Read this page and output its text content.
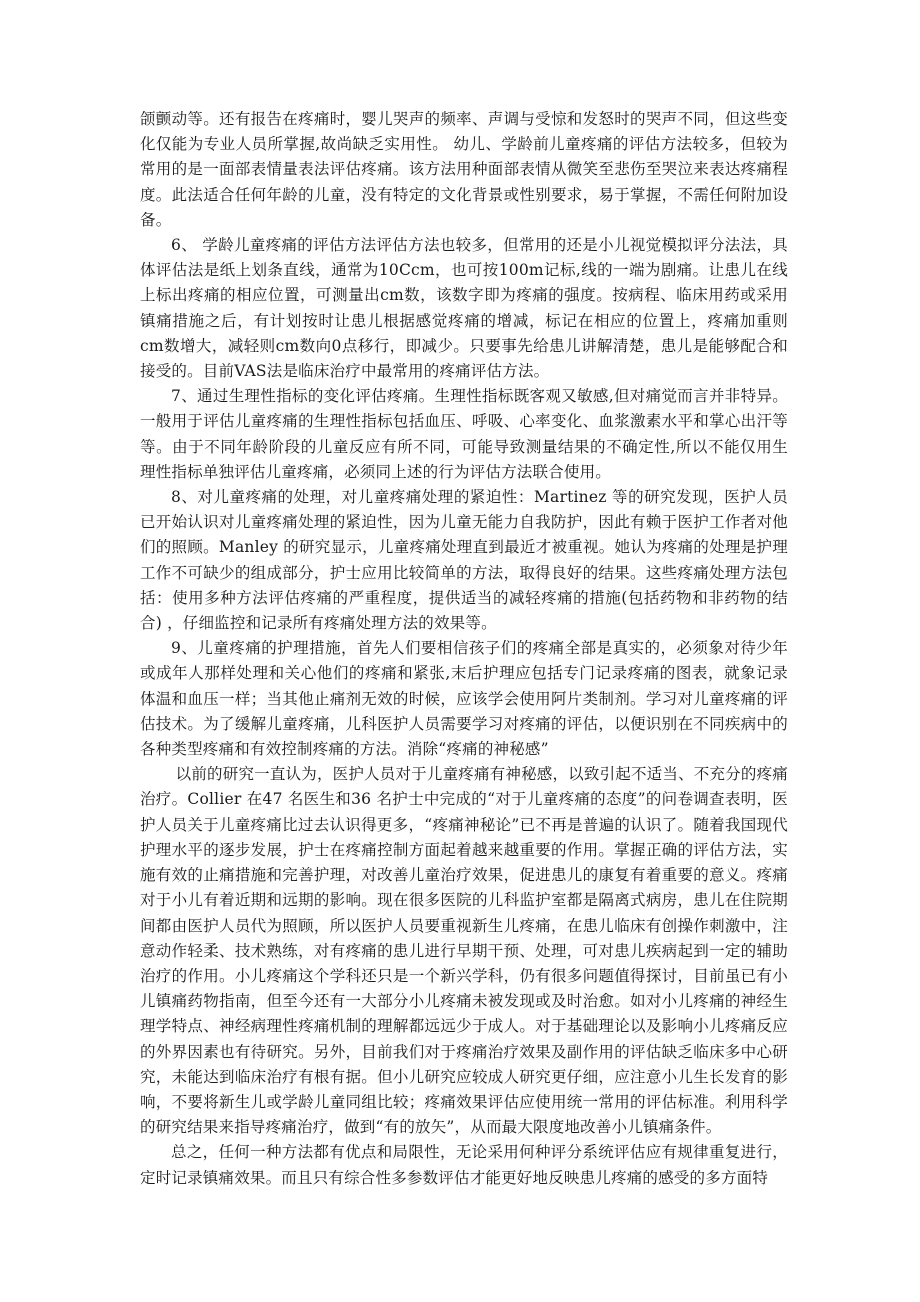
颌颤动等。还有报告在疼痛时，婴儿哭声的频率、声调与受惊和发怒时的哭声不同，但这些变化仅能为专业人员所掌握,故尚缺乏实用性。 幼儿、学龄前儿童疼痛的评估方法较多，但较为常用的是一面部表情量表法评估疼痛。该方法用种面部表情从微笑至悲伤至哭泣来表达疼痛程度。此法适合任何年龄的儿童，没有特定的文化背景或性别要求，易于掌握，不需任何附加设备。

6、 学龄儿童疼痛的评估方法评估方法也较多，但常用的还是小儿视觉模拟评分法法，具体评估法是纸上划条直线，通常为10Ccm，也可按100m记标,线的一端为剧痛。让患儿在线上标出疼痛的相应位置，可测量出cm数，该数字即为疼痛的强度。按病程、临床用药或采用镇痛措施之后，有计划按时让患儿根据感觉疼痛的增减，标记在相应的位置上，疼痛加重则cm数增大，减轻则cm数向0点移行，即减少。只要事先给患儿讲解清楚，患儿是能够配合和接受的。目前VAS法是临床治疗中最常用的疼痛评估方法。

7、通过生理性指标的变化评估疼痛。生理性指标既客观又敏感,但对痛觉而言并非特异。一般用于评估儿童疼痛的生理性指标包括血压、呼吸、心率变化、血浆激素水平和掌心出汗等等。由于不同年龄阶段的儿童反应有所不同，可能导致测量结果的不确定性,所以不能仅用生理性指标单独评估儿童疼痛，必须同上述的行为评估方法联合使用。

8、对儿童疼痛的处理，对儿童疼痛处理的紧迫性：Martinez 等的研究发现，医护人员已开始认识对儿童疼痛处理的紧迫性，因为儿童无能力自我防护，因此有赖于医护工作者对他们的照顾。Manley 的研究显示，儿童疼痛处理直到最近才被重视。她认为疼痛的处理是护理工作不可缺少的组成部分，护士应用比较简单的方法，取得良好的结果。这些疼痛处理方法包括：使用多种方法评估疼痛的严重程度，提供适当的减轻疼痛的措施(包括药物和非药物的结合) ，仔细监控和记录所有疼痛处理方法的效果等。

9、儿童疼痛的护理措施，首先人们要相信孩子们的疼痛全部是真实的，必须象对待少年或成年人那样处理和关心他们的疼痛和紧张,末后护理应包括专门记录疼痛的图表，就象记录体温和血压一样；当其他止痛剂无效的时候，应该学会使用阿片类制剂。学习对儿童疼痛的评估技术。为了缓解儿童疼痛，儿科医护人员需要学习对疼痛的评估，以便识别在不同疾病中的各种类型疼痛和有效控制疼痛的方法。消除“疼痛的神秘感”

以前的研究一直认为，医护人员对于儿童疼痛有神秘感，以致引起不适当、不充分的疼痛治疗。Collier 在47 名医生和36 名护士中完成的“对于儿童疼痛的态度”的问卷调查表明，医护人员关于儿童疼痛比过去认识得更多，“疼痛神秘论”已不再是普遍的认识了。随着我国现代护理水平的逐步发展，护士在疼痛控制方面起着越来越重要的作用。掌握正确的评估方法，实施有效的止痛措施和完善护理，对改善儿童治疗效果，促进患儿的康复有着重要的意义。疼痛对于小儿有着近期和远期的影响。现在很多医院的儿科监护室都是隔离式病房，患儿在住院期间都由医护人员代为照顾，所以医护人员要重视新生儿疼痛，在患儿临床有创操作刺激中，注意动作轻柔、技术熟练，对有疼痛的患儿进行早期干预、处理，可对患儿疾病起到一定的辅助治疗的作用。小儿疼痛这个学科还只是一个新兴学科，仍有很多问题值得探讨，目前虽已有小儿镇痛药物指南，但至今还有一大部分小儿疼痛未被发现或及时治愈。如对小儿疼痛的神经生理学特点、神经病理性疼痛机制的理解都远远少于成人。对于基础理论以及影响小儿疼痛反应的外界因素也有待研究。另外，目前我们对于疼痛治疗效果及副作用的评估缺乏临床多中心研究，未能达到临床治疗有根有据。但小儿研究应较成人研究更仔细，应注意小儿生长发育的影响，不要将新生儿或学龄儿童同组比较；疼痛效果评估应使用统一常用的评估标准。利用科学的研究结果来指导疼痛治疗，做到“有的放矢”，从而最大限度地改善小儿镇痛条件。

总之，任何一种方法都有优点和局限性，无论采用何种评分系统评估应有规律重复进行，定时记录镇痛效果。而且只有综合性多参数评估才能更好地反映患儿疼痛的感受的多方面特
